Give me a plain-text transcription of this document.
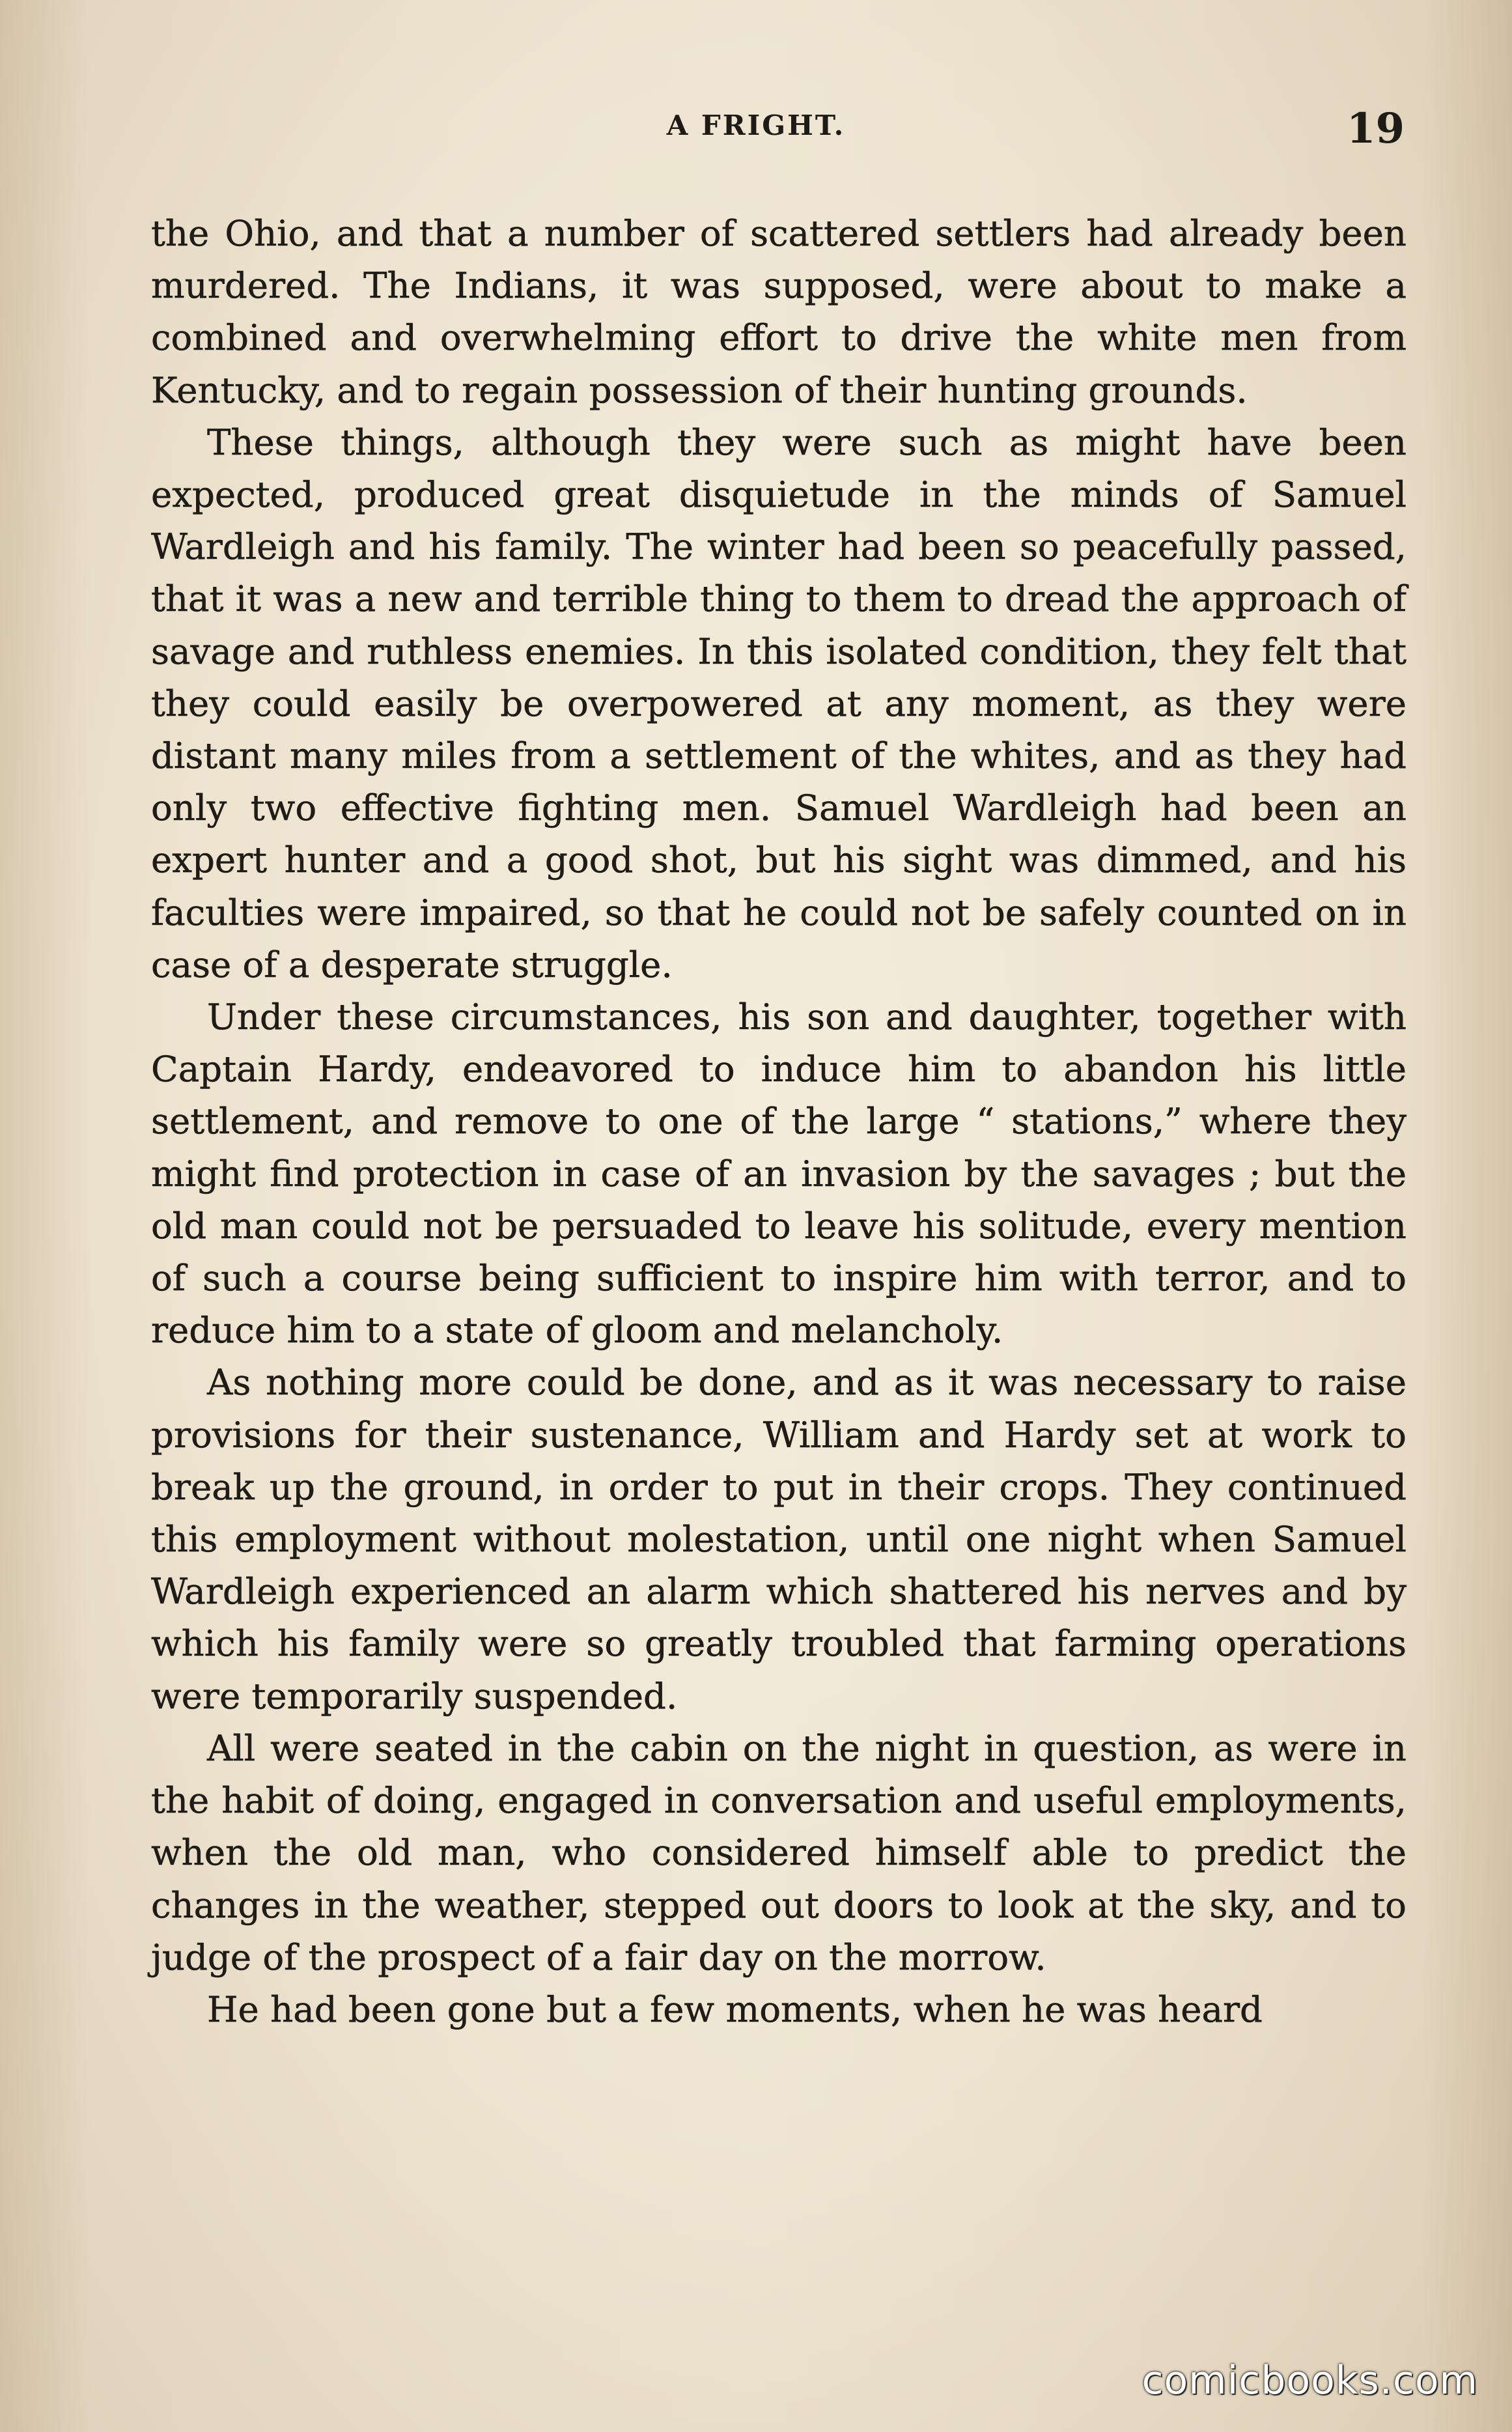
A FRIGHT.	19

the Ohio, and that a number of scattered settlers had already been murdered. The Indians, it was supposed, were about to make a combined and overwhelming effort to drive the white men from Kentucky, and to regain possession of their hunting grounds.

These things, although they were such as might have been expected, produced great disquietude in the minds of Samuel Wardleigh and his family. The winter had been so peacefully passed, that it was a new and terrible thing to them to dread the approach of savage and ruthless enemies. In this isolated condition, they felt that they could easily be overpowered at any moment, as they were distant many miles from a settlement of the whites, and as they had only two effective fighting men. Samuel Wardleigh had been an expert hunter and a good shot, but his sight was dimmed, and his faculties were impaired, so that he could not be safely counted on in case of a desperate struggle.

Under these circumstances, his son and daughter, together with Captain Hardy, endeavored to induce him to abandon his little settlement, and remove to one of the large “ stations,” where they might find protection in case of an invasion by the savages ; but the old man could not be persuaded to leave his solitude, every mention of such a course being sufficient to inspire him with terror, and to reduce him to a state of gloom and melancholy.

As nothing more could be done, and as it was necessary to raise provisions for their sustenance, William and Hardy set at work to break up the ground, in order to put in their crops. They continued this employment without molestation, until one night when Samuel Wardleigh experienced an alarm which shattered his nerves and by which his family were so greatly troubled that farming operations were temporarily suspended.

All were seated in the cabin on the night in question, as were in the habit of doing, engaged in conversation and useful employments, when the old man, who considered himself able to predict the changes in the weather, stepped out doors to look at the sky, and to judge of the prospect of a fair day on the morrow.

He had been gone but a few moments, when he was heard

comicbooks.com
